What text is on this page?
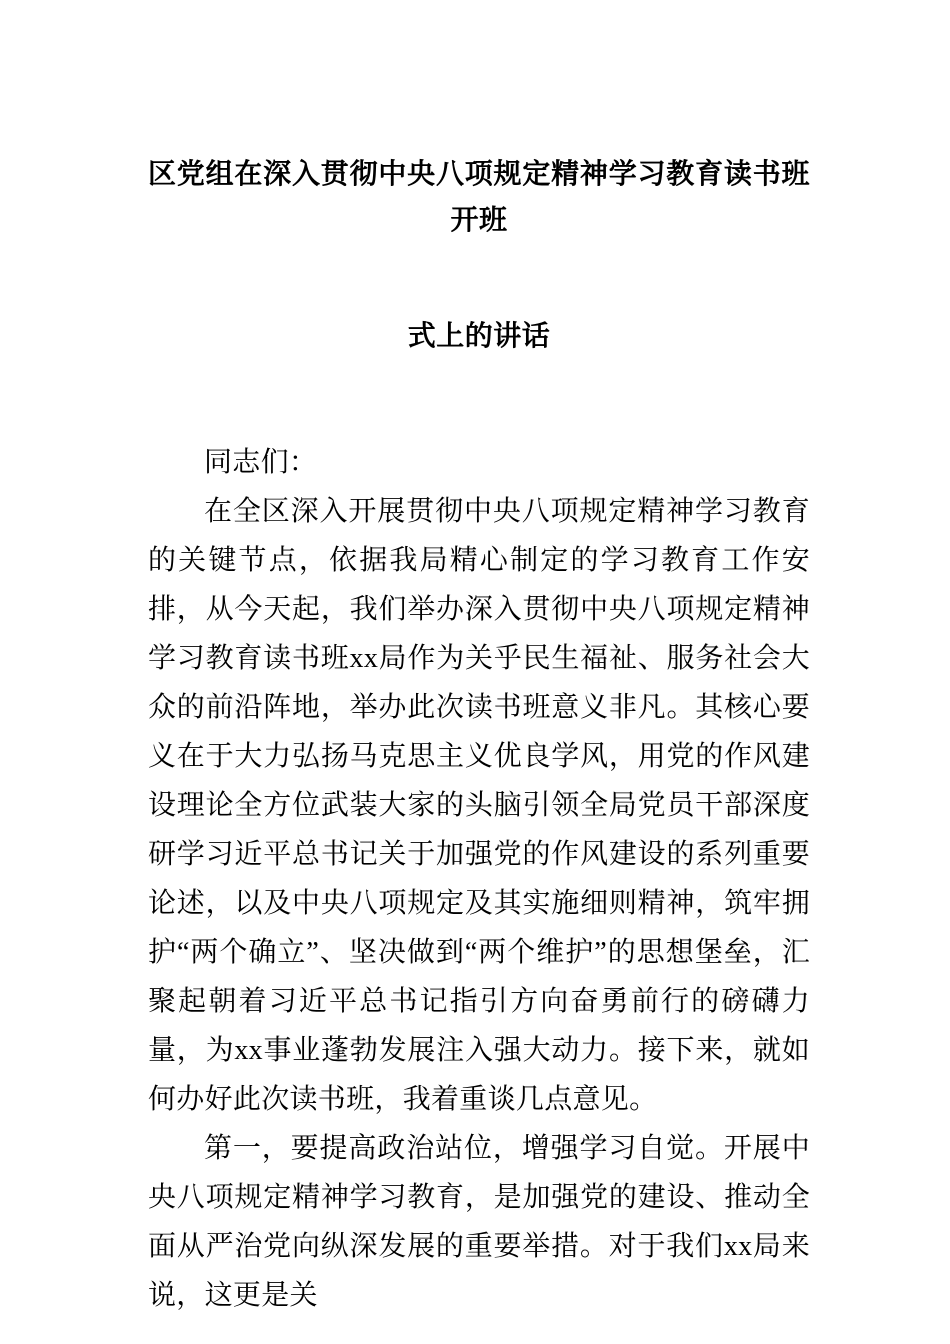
区党组在深入贯彻中央八项规定精神学习教育读书班开班
式上的讲话

同志们：

在全区深入开展贯彻中央八项规定精神学习教育的关键节点，依据我局精心制定的学习教育工作安排，从今天起，我们举办深入贯彻中央八项规定精神学习教育读书班xx局作为关乎民生福祉、服务社会大众的前沿阵地，举办此次读书班意义非凡。其核心要义在于大力弘扬马克思主义优良学风，用党的作风建设理论全方位武装大家的头脑引领全局党员干部深度研学习近平总书记关于加强党的作风建设的系列重要论述，以及中央八项规定及其实施细则精神，筑牢拥护“两个确立”、坚决做到“两个维护”的思想堡垒，汇聚起朝着习近平总书记指引方向奋勇前行的磅礴力量，为xx事业蓬勃发展注入强大动力。接下来，就如何办好此次读书班，我着重谈几点意见。

第一，要提高政治站位，增强学习自觉。开展中央八项规定精神学习教育，是加强党的建设、推动全面从严治党向纵深发展的重要举措。对于我们xx局来说，这更是关
